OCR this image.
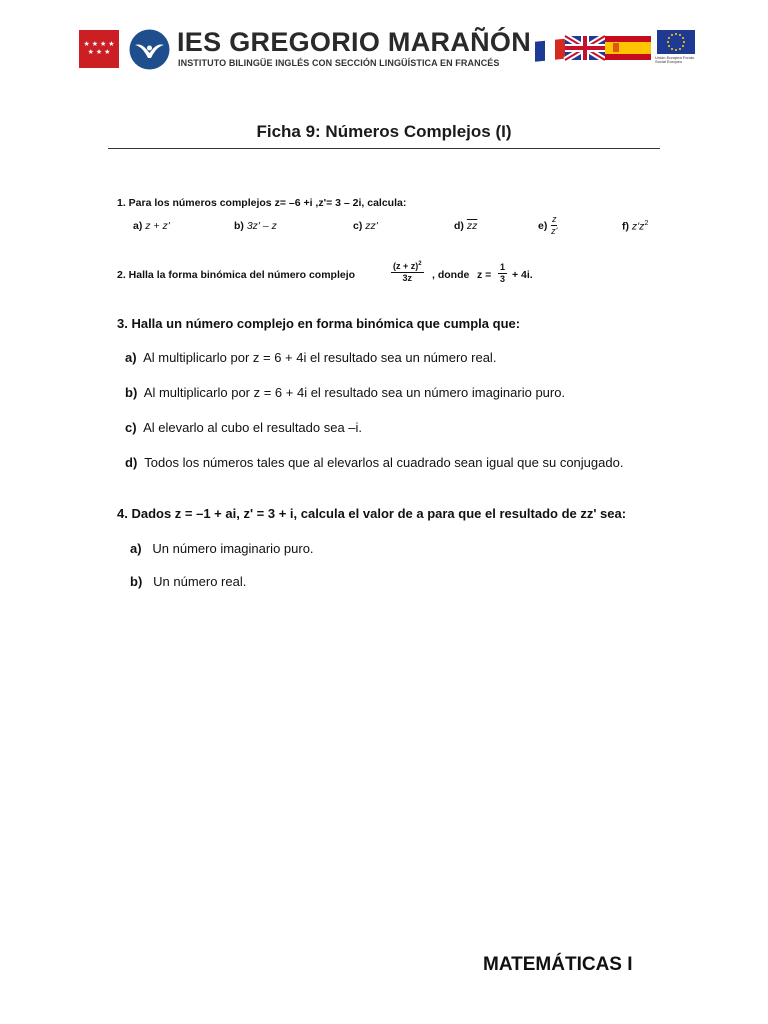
★ ★ ★ ★
★ ★ ★	IES GREGORIO MARAÑÓN
INSTITUTO BILINGÜE INGLÉS CON SECCIÓN LINGÜÍSTICA EN FRANCÉS
Unión Europea Fondo Social Europeo
Ficha 9: Números Complejos (I)
1. Para los números complejos z= –6 +i ,z'= 3 – 2i, calcula:
a) z + z'	b) 3z' – z	c) zz'	d) $\overline{zz}$	$e) \frac{z}{z'}$	f) $z'z^2$
2. Halla la forma binómica del número complejo	$\frac{(z + z)^2}{3z}$ , donde $z = \frac{1}{3} + 4i$.
3. Halla un número complejo en forma binómica que cumpla que:
a) Al multiplicarlo por z = 6 + 4i el resultado sea un número real.
b) Al multiplicarlo por z = 6 + 4i el resultado sea un número imaginario puro.
c) Al elevarlo al cubo el resultado sea –i.
d) Todos los números tales que al elevarlos al cuadrado sean igual que su conjugado.
4. Dados z = –1 + ai, z' = 3 + i, calcula el valor de a para que el resultado de zz' sea:
a) Un número imaginario puro.
b) Un número real.
MATEMÁTICAS I
